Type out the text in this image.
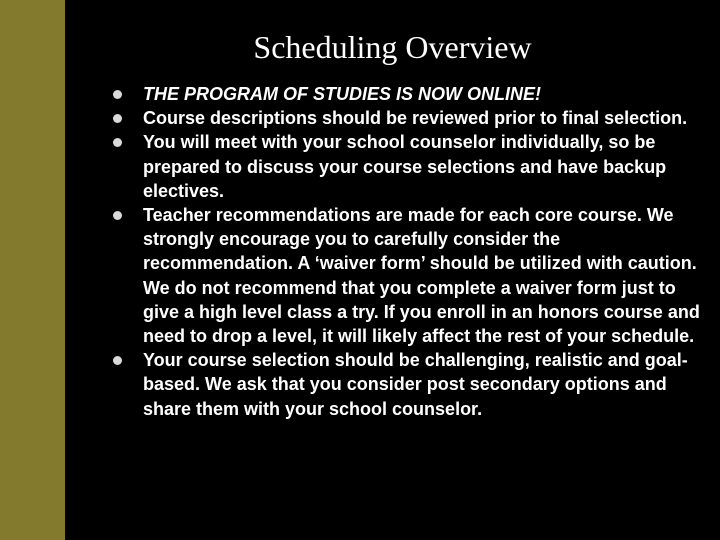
Scheduling Overview
THE PROGRAM OF STUDIES IS NOW ONLINE!
Course descriptions should be reviewed prior to final selection.
You will meet with your school counselor individually, so be prepared to discuss your course selections and have backup electives.
Teacher recommendations are made for each core course. We strongly encourage you to carefully consider the recommendation. A ‘waiver form’ should be utilized with caution. We do not recommend that you complete a waiver form just to give a high level class a try. If you enroll in an honors course and need to drop a level, it will likely affect the rest of your schedule.
Your course selection should be challenging, realistic and goal-based. We ask that you consider post secondary options and share them with your school counselor.
